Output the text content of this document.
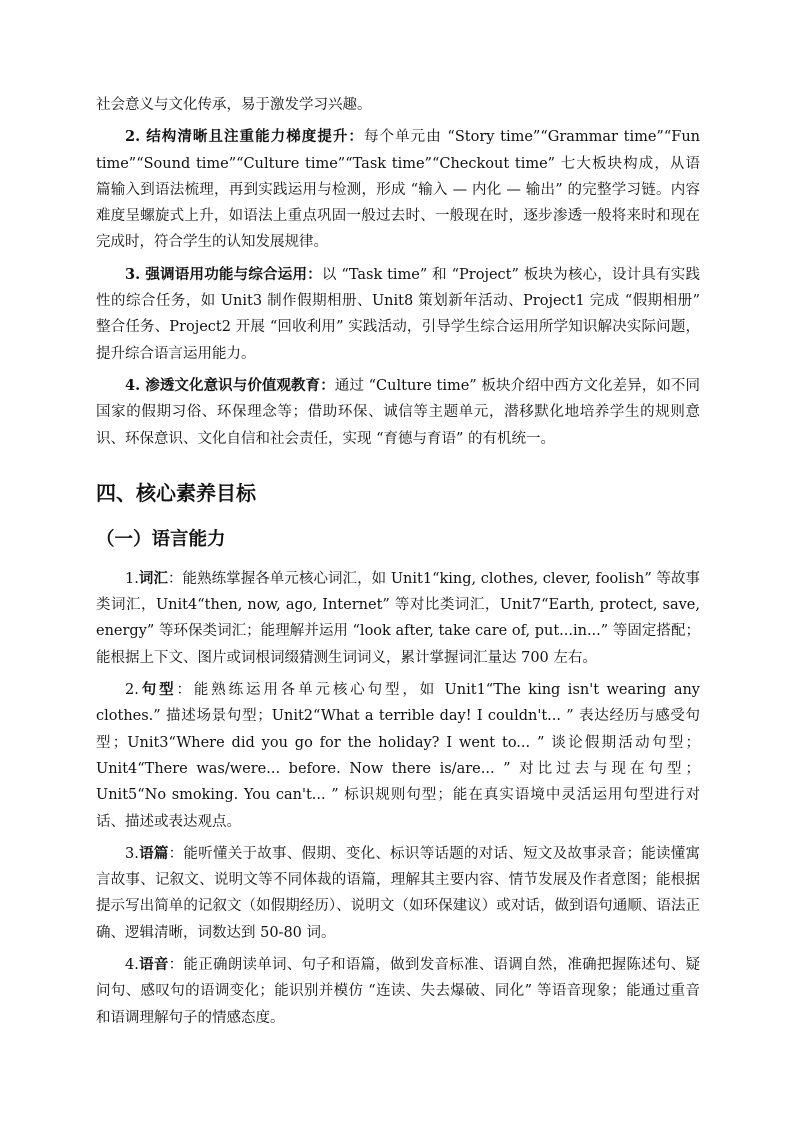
社会意义与文化传承，易于激发学习兴趣。

2. 结构清晰且注重能力梯度提升：每个单元由 “Story time”“Grammar time”“Fun time”“Sound time”“Culture time”“Task time”“Checkout time” 七大板块构成，从语篇输入到语法梳理，再到实践运用与检测，形成 “输入 — 内化 — 输出” 的完整学习链。内容难度呈螺旋式上升，如语法上重点巩固一般过去时、一般现在时，逐步渗透一般将来时和现在完成时，符合学生的认知发展规律。

3. 强调语用功能与综合运用：以 “Task time” 和 “Project” 板块为核心，设计具有实践性的综合任务，如 Unit3 制作假期相册、Unit8 策划新年活动、Project1 完成 “假期相册” 整合任务、Project2 开展 “回收利用” 实践活动，引导学生综合运用所学知识解决实际问题，提升综合语言运用能力。

4. 渗透文化意识与价值观教育：通过 “Culture time” 板块介绍中西方文化差异，如不同国家的假期习俗、环保理念等；借助环保、诚信等主题单元，潜移默化地培养学生的规则意识、环保意识、文化自信和社会责任，实现 “育德与育语” 的有机统一。

四、核心素养目标
（一）语言能力

1.词汇：能熟练掌握各单元核心词汇，如 Unit1“king, clothes, clever, foolish” 等故事类词汇，Unit4“then, now, ago, Internet” 等对比类词汇，Unit7“Earth, protect, save, energy” 等环保类词汇；能理解并运用 “look after, take care of, put...in...” 等固定搭配；能根据上下文、图片或词根词缀猜测生词词义，累计掌握词汇量达 700 左右。

2.句型：能熟练运用各单元核心句型，如 Unit1“The king isn't wearing any clothes.” 描述场景句型；Unit2“What a terrible day! I couldn't... ” 表达经历与感受句型；Unit3“Where did you go for the holiday? I went to... ” 谈论假期活动句型；Unit4“There was/were... before. Now there is/are... ” 对比过去与现在句型；Unit5“No smoking. You can't... ” 标识规则句型；能在真实语境中灵活运用句型进行对话、描述或表达观点。

3.语篇：能听懂关于故事、假期、变化、标识等话题的对话、短文及故事录音；能读懂寓言故事、记叙文、说明文等不同体裁的语篇，理解其主要内容、情节发展及作者意图；能根据提示写出简单的记叙文（如假期经历）、说明文（如环保建议）或对话，做到语句通顺、语法正确、逻辑清晰，词数达到 50-80 词。

4.语音：能正确朗读单词、句子和语篇，做到发音标准、语调自然，准确把握陈述句、疑问句、感叹句的语调变化；能识别并模仿 “连读、失去爆破、同化” 等语音现象；能通过重音和语调理解句子的情感态度。
